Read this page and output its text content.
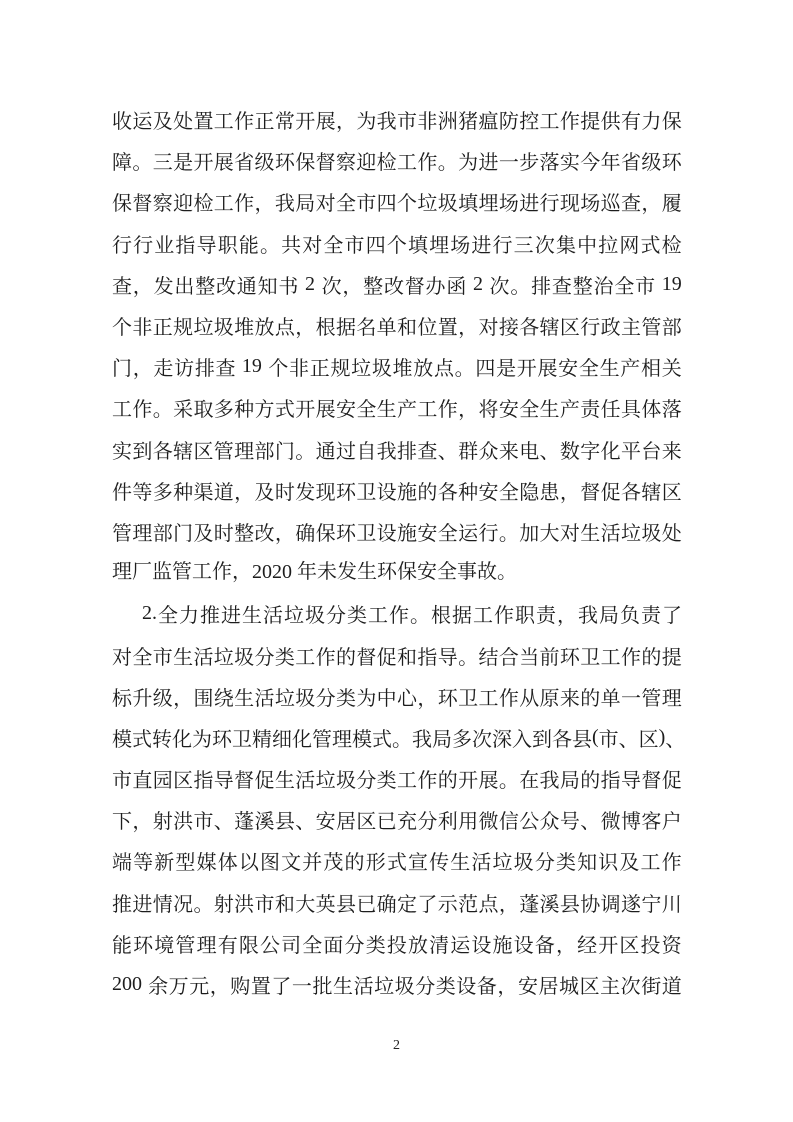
收 运 及 处 置 工 作 正 常 开 展 ， 为 我 市 非 洲 猪 瘟 防 控 工 作 提 供 有 力 保
障 。 三 是 开 展 省 级 环 保 督 察 迎 检 工 作 。 为 进 一 步 落 实 今 年 省 级 环
保 督 察 迎 检 工 作 ， 我 局 对 全 市 四 个 垃 圾 填 埋 场 进 行 现 场 巡 查 ， 履
行 行 业 指 导 职 能 。 共 对 全 市 四 个 填 埋 场 进 行 三 次 集 中 拉 网 式 检
查 ， 发 出 整 改 通 知 书
2
次 ， 整 改 督 办 函
2
次 。 排 查 整 治 全 市
19
个 非 正 规 垃 圾 堆 放 点 ， 根 据 名 单 和 位 置 ， 对 接 各 辖 区 行 政 主 管 部
门 ， 走 访 排 查
19
个 非 正 规 垃 圾 堆 放 点 。 四 是 开 展 安 全 生 产 相 关
工 作 。 采 取 多 种 方 式 开 展 安 全 生 产 工 作 ， 将 安 全 生 产 责 任 具 体 落
实 到 各 辖 区 管 理 部 门 。 通 过 自 我 排 查 、 群 众 来 电 、 数 字 化 平 台 来
件 等 多 种 渠 道 ， 及 时 发 现 环 卫 设 施 的 各 种 安 全 隐 患 ， 督 促 各 辖 区
管 理 部 门 及 时 整 改 ， 确 保 环 卫 设 施 安 全 运 行 。 加 大 对 生 活 垃 圾 处
理厂监管工作，2020 年未发生环保安全事故。
2. 全 力 推 进 生 活 垃 圾 分 类 工 作 。 根 据 工 作 职 责 ， 我 局 负 责 了
对 全 市 生 活 垃 圾 分 类 工 作 的 督 促 和 指 导 。 结 合 当 前 环 卫 工 作 的 提
标 升 级 ， 围 绕 生 活 垃 圾 分 类 为 中 心 ， 环 卫 工 作 从 原 来 的 单 一 管 理
模 式 转 化 为 环 卫 精 细 化 管 理 模 式 。 我 局 多 次 深 入 到 各 县 ( 市 、 区 ) 、
市 直 园 区 指 导 督 促 生 活 垃 圾 分 类 工 作 的 开 展 。 在 我 局 的 指 导 督 促
下 ， 射 洪 市 、 蓬 溪 县 、 安 居 区 已 充 分 利 用 微 信 公 众 号 、 微 博 客 户
端 等 新 型 媒 体 以 图 文 并 茂 的 形 式 宣 传 生 活 垃 圾 分 类 知 识 及 工 作
推 进 情 况 。 射 洪 市 和 大 英 县 已 确 定 了 示 范 点 ， 蓬 溪 县 协 调 遂 宁 川
能 环 境 管 理 有 限 公 司 全 面 分 类 投 放 清 运 设 施 设 备 ， 经 开 区 投 资
200
余 万 元 ， 购 置 了 一 批 生 活 垃 圾 分 类 设 备 ， 安 居 城 区 主 次 街 道
2
